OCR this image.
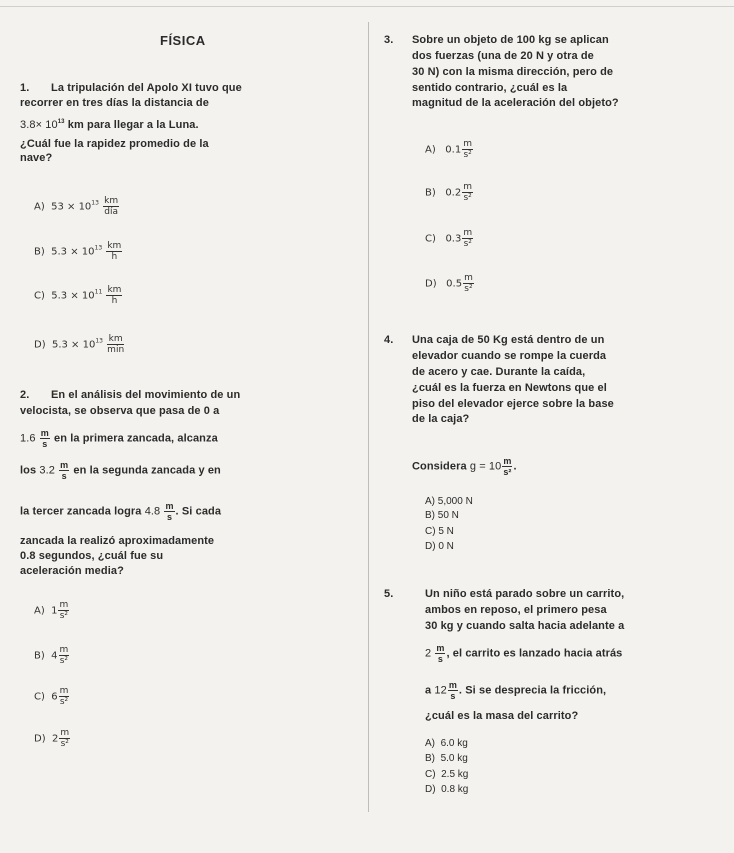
FÍSICA
1. La tripulación del Apolo XI tuvo que
recorrer en tres días la distancia de
$3.8\times 10^{13}$ km para llegar a la Luna.
¿Cuál fue la rapidez promedio de la
nave?
A) $53 \times 10^{13} \frac{km}{\text{día}}$
B) $5.3 \times 10^{13} \frac{km}{h}$
C) $5.3 \times 10^{11} \frac{km}{h}$
D) $5.3 \times 10^{13} \frac{km}{\min}$
2. En el análisis del movimiento de un
velocista, se observa que pasa de 0 a
$1.6 \frac{m}{s}$ en la primera zancada, alcanza
los $3.2 \frac{m}{s}$ en la segunda zancada y en
la tercer zancada logra $4.8 \frac{m}{s}$ . Si cada
zancada la realizó aproximadamente
0.8 segundos, ¿cuál fue su
aceleración media?
A) $1 \frac{m}{\text{s²}}$
B) $4 \frac{m}{\text{s²}}$
C) $6 \frac{m}{\text{s²}}$
D) $2 \frac{m}{\text{s²}}$
3. Sobre un objeto de 100 kg se aplican
dos fuerzas (una de 20 N y otra de
30 N) con la misma dirección, pero de
sentido contrario, ¿cuál es la
magnitud de la aceleración del objeto?
A) $0.1 \frac{m}{\text{s²}}$
B) $0.2 \frac{m}{\text{s²}}$
C) $0.3 \frac{m}{\text{s²}}$
D) $0.5 \frac{m}{\text{s²}}$
4. Una caja de 50 Kg está dentro de un
elevador cuando se rompe la cuerda
de acero y cae. Durante la caída,
¿cuál es la fuerza en Newtons que el
piso del elevador ejerce sobre la base
de la caja?
Considera $g = 10 \frac{m}{\text{s²}}$ .
A) 5,000 N
B) 50 N
C) 5 N
D) 0 N
5.	Un niño está parado sobre un carrito,
ambos en reposo, el primero pesa
30 kg y cuando salta hacia adelante a
$2 \frac{m}{s}$ , el carrito es lanzado hacia atrás
a $12 \frac{m}{s}$ . Si se desprecia la fricción,
¿cuál es la masa del carrito?
A) 6.0 kg
B) 5.0 kg
C) 2.5 kg
D) 0.8 kg
